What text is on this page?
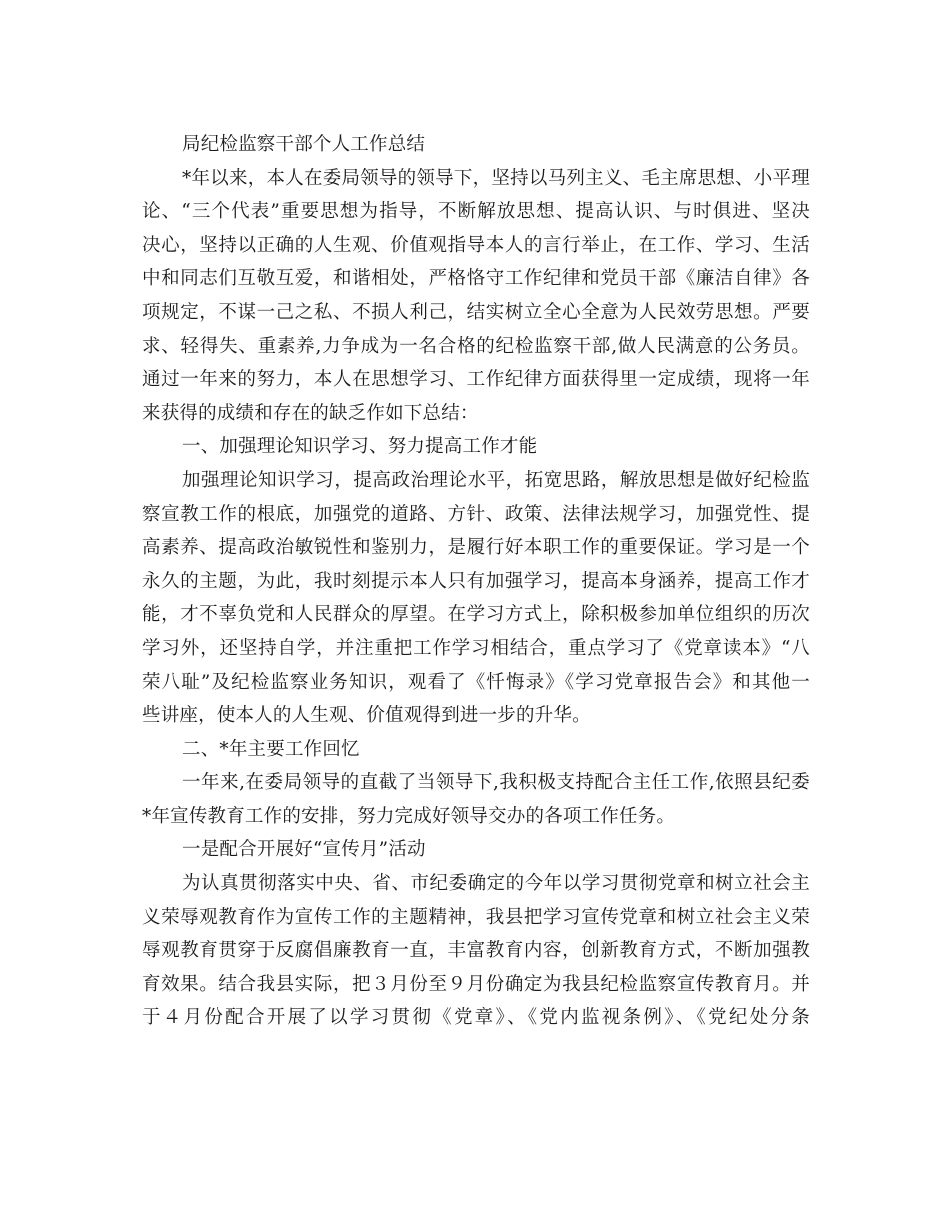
局纪检监察干部个人工作总结
*年以来，本人在委局领导的领导下，坚持以马列主义、毛主席思想、小平理
论、“三个代表”重要思想为指导，不断解放思想、提高认识、与时俱进、坚决
决心，坚持以正确的人生观、价值观指导本人的言行举止，在工作、学习、生活
中和同志们互敬互爱，和谐相处，严格恪守工作纪律和党员干部《廉洁自律》各
项规定，不谋一己之私、不损人利己，结实树立全心全意为人民效劳思想。严要
求、轻得失、重素养,力争成为一名合格的纪检监察干部,做人民满意的公务员。
通过一年来的努力，本人在思想学习、工作纪律方面获得里一定成绩，现将一年
来获得的成绩和存在的缺乏作如下总结：
一、加强理论知识学习、努力提高工作才能
加强理论知识学习，提高政治理论水平，拓宽思路，解放思想是做好纪检监
察宣教工作的根底，加强党的道路、方针、政策、法律法规学习，加强党性、提
高素养、提高政治敏锐性和鉴别力，是履行好本职工作的重要保证。学习是一个
永久的主题，为此，我时刻提示本人只有加强学习，提高本身涵养，提高工作才
能，才不辜负党和人民群众的厚望。在学习方式上，除积极参加单位组织的历次
学习外，还坚持自学，并注重把工作学习相结合，重点学习了《党章读本》“八
荣八耻”及纪检监察业务知识，观看了《忏悔录》《学习党章报告会》和其他一
些讲座，使本人的人生观、价值观得到进一步的升华。
二、*年主要工作回忆
一年来,在委局领导的直截了当领导下,我积极支持配合主任工作,依照县纪委
*年宣传教育工作的安排，努力完成好领导交办的各项工作任务。
一是配合开展好“宣传月”活动
为认真贯彻落实中央、省、市纪委确定的今年以学习贯彻党章和树立社会主
义荣辱观教育作为宣传工作的主题精神，我县把学习宣传党章和树立社会主义荣
辱观教育贯穿于反腐倡廉教育一直，丰富教育内容，创新教育方式，不断加强教
育效果。结合我县实际，把３月份至９月份确定为我县纪检监察宣传教育月。并
于４月份配合开展了以学习贯彻《党章》、《党内监视条例》、《党纪处分条
